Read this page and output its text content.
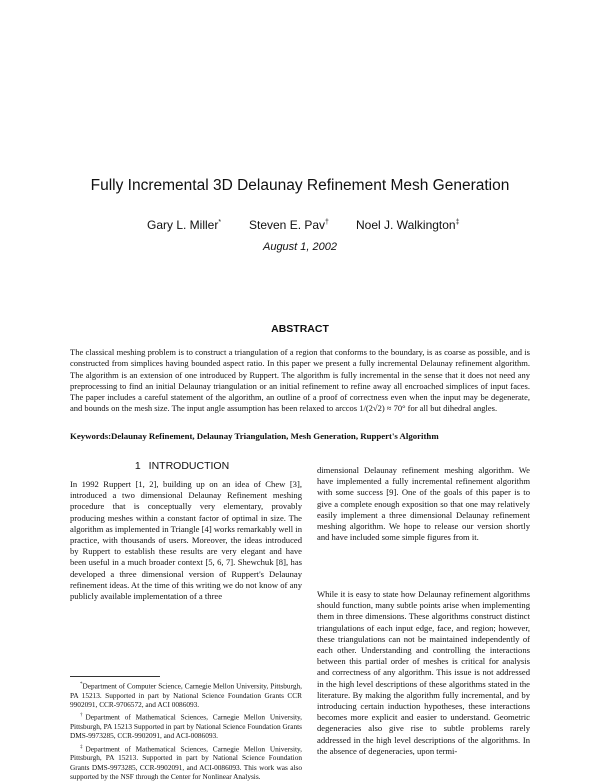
Fully Incremental 3D Delaunay Refinement Mesh Generation
Gary L. Miller* Steven E. Pav† Noel J. Walkington‡
August 1, 2002
ABSTRACT
The classical meshing problem is to construct a triangulation of a region that conforms to the boundary, is as coarse as possible, and is constructed from simplices having bounded aspect ratio. In this paper we present a fully incremental Delaunay refinement algorithm. The algorithm is an extension of one introduced by Ruppert. The algorithm is fully incremental in the sense that it does not need any preprocessing to find an initial Delaunay triangulation or an initial refinement to refine away all encroached simplices of input faces. The paper includes a careful statement of the algorithm, an outline of a proof of correctness even when the input may be degenerate, and bounds on the mesh size. The input angle assumption has been relaxed to arccos 1/(2√2) ≈ 70° for all but dihedral angles.
Keywords:Delaunay Refinement, Delaunay Triangulation, Mesh Generation, Ruppert's Algorithm
1 INTRODUCTION
In 1992 Ruppert [1, 2], building up on an idea of Chew [3], introduced a two dimensional Delaunay Refinement meshing procedure that is conceptually very elementary, provably producing meshes within a constant factor of optimal in size. The algorithm as implemented in Triangle [4] works remarkably well in practice, with thousands of users. Moreover, the ideas introduced by Ruppert to establish these results are very elegant and have been useful in a much broader context [5, 6, 7]. Shewchuk [8], has developed a three dimensional version of Ruppert's Delaunay refinement ideas. At the time of this writing we do not know of any publicly available implementation of a three

*Department of Computer Science, Carnegie Mellon University, Pittsburgh, PA 15213. Supported in part by National Science Foundation Grants CCR 9902091, CCR-9706572, and ACI 0086093.

†Department of Mathematical Sciences, Carnegie Mellon University, Pittsburgh, PA 15213 Supported in part by National Science Foundation Grants DMS-9973285, CCR-9902091, and ACI-0086093.

‡Department of Mathematical Sciences, Carnegie Mellon University, Pittsburgh, PA 15213. Supported in part by National Science Foundation Grants DMS-9973285, CCR-9902091, and ACI-0086093. This work was also supported by the NSF through the Center for Nonlinear Analysis.

dimensional Delaunay refinement meshing algorithm. We have implemented a fully incremental refinement algorithm with some success [9]. One of the goals of this paper is to give a complete enough exposition so that one may relatively easily implement a three dimensional Delaunay refinement meshing algorithm. We hope to release our version shortly and have included some simple figures from it.
While it is easy to state how Delaunay refinement algorithms should function, many subtle points arise when implementing them in three dimensions. These algorithms construct distinct triangulations of each input edge, face, and region; however, these triangulations can not be maintained independently of each other. Understanding and controlling the interactions between this partial order of meshes is critical for analysis and correctness of any algorithm. This issue is not addressed in the high level descriptions of these algorithms stated in the literature. By making the algorithm fully incremental, and by introducing certain induction hypotheses, these interactions becomes more explicit and easier to understand. Geometric degeneracies also give rise to subtle problems rarely addressed in the high level descriptions of the algorithms. In the absence of degeneracies, upon termi-
